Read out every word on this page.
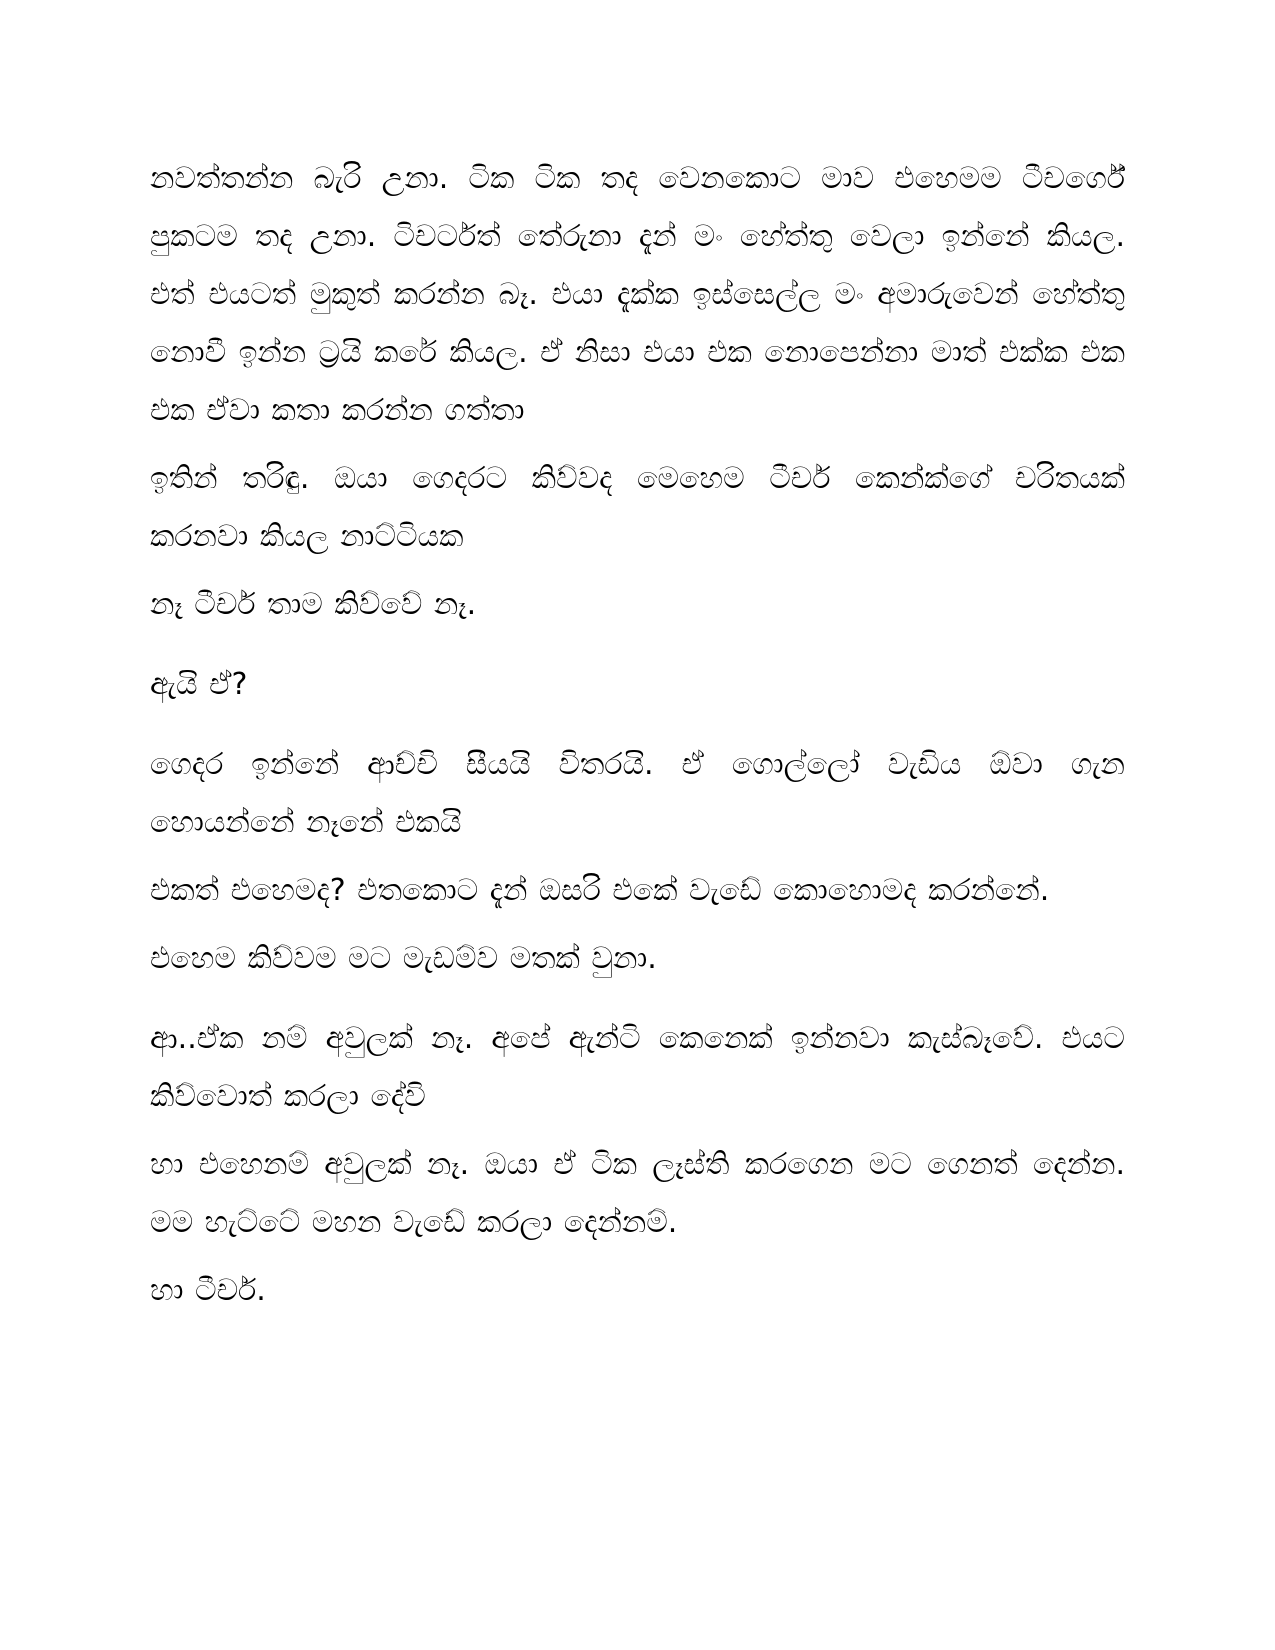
නවත්තන්න බැරි උනා. ටික ටික තද වෙනකොට මාව එහෙමම ටීචර්ගේ පුකටම තද උනා. ටිචර්ටත් තේරුනා දැන් මං හේත්තු වෙලා ඉන්නේ කියල. එත් එයටත් මුකුත් කරන්න බෑ. එයා දැක්ක ඉස්සෙල්ල මං අමාරුවෙන් හේත්තු නොවී ඉන්න ට්‍රයි කරේ කියල. ඒ නිසා එයා එක නොපෙන්නා මාත් එක්ක එක එක ඒවා කතා කරන්න ගත්තා

ඉතින් තරිඳු. ඔයා ගෙදරට කිව්වද මෙහෙම ටීචර් කෙන්ක්ගේ චරිතයක් කරනවා කියල නාට්ටියක

නෑ ටීචර් තාම කිව්වේ නෑ.

ඇයි ඒ?

ගෙදර ඉන්නේ ආච්චි සීයයි විතරයි. ඒ ගොල්ලෝ වැඩිය ඕවා ගැන හොයන්නේ නෑනේ එකයි

එකත් එහෙමද? එතකොට දැන් ඔසරි එකේ වැඩේ කොහොමද කරන්නේ.

එහෙම කිව්වම මට මැඩම්ව මතක් වුනා.

ආ..ඒක නම් අවුලක් නෑ. අපේ ඇන්ටි කෙනෙක් ඉන්නවා කැස්බෑවේ. එයට කිව්වොත් කරලා දේවි

හා එහෙනම් අවුලක් නෑ. ඔයා ඒ ටික ලෑස්ති කරගෙන මට ගෙනත් දෙන්න. මම හැට්ටේ මහන වැඩේ කරලා දෙන්නම්.

හා ටීචර්.
